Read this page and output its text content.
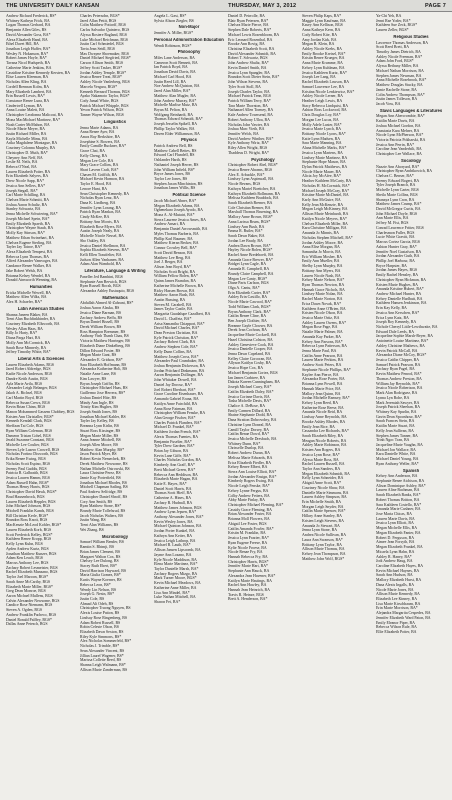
THE UNIVERSITY DAILY KANSAN	THURSDAY, MAY 3, 2012	PAGE 7
Andrew Richard Frederick, BS*
Whitney Kathryn Frick, BA
Logan Thomas Gerhard, BA
Benjamin Allen Giles, BS
David Alexander Goss, BA*
Alexa Elizabeth Hand, BA
Ethel Davet Hill, BA
Jonathan Leigh Huffer, BA*
Wesley N. Hokanson, BA*
Robert James Hoyle, BA*
Tavana Nicol Hudspeth, BA
Catherine Marie Jenkins, BA
Cassidine Kristine Kennedy Kersten, BA
Elise Lauren Kleeman, BA
Nicholas Allen Kling, BA
Cordell Brennan Kolm, BA
Mary Elizabeth Lambert, BA
Erin Russell Lewis, BA*
Constance Renee Luna, BA
Cindertrell Lyman, BA
Anna Louise Malett, BA
Christopher Leodonna Malicoat, BA
Mona MacMichael Martinez, BA*
Noah Carter McMahon, BA
Nicole Marie Meyer, BA
Justin Richard Miller, BA
Kayla Michelle Mims, BA
Arika Magdalene Montague, BA
Courtney Colonna Murphy, BA
Christopher D. Muth, BA*
Cheyney Ann Neff, BA
Leslie M. Neils, BA
Rebeca O'Neal, BA
Lauren Elizabeth Potter, BA
Erin Elizabeth Salyers, BA
Drew Nicole Sapp, BA*
Jessica Ann Sellers, BA*
Joseph Stegall, BA*
Carl Marie Schilling, BA
Chelsea Marie Schmitt, BA
Joshua Aaron Schultz, BA
Stanley Schwartz, BA
Jenna Michelle Schwiering, BA*
Joseph Michael Spein, BA*
Emily Elizabeth Spaeth, BA
Christopher Wayne Staub, BA
Molly Kay Stinson, BA*
Matthew Ethan Swinehart, BA
Chelsea Eugene Sterling, BA
Tayler Jay Tatroe, BA*
Alexa Elizabeth Tempest, BA
Rebecca Lynn Thomas, BA
Alfred Alexander Vamvoges, BA
Candance Renee Walker, BA
Jake Robert Welsh, BA
Brianna Kelsey Wendel, BA
Donald Ainsworth Wenning, BA
Humanities
Ericka Michelle Wewell, BA
Matthew Allen Wilks, BA
Alex H. Schaefer, BA*
Latin American Studies
Shanna Janeen Blaker, BA
Trent Alan Buchfinkbinder, BA
Courtney Elizabeth Ellsworth, BA
Wesley Allan Haas, BA
Billy Jo Harty, BA*
Diana Parga Hart, BA
Molly Ann McCormick, BA
Sarah Rose Minnerly, BA
Jeffrey Timothy White, BA*
Liberal Arts & Sciences
Lauren Elizabeth Adams, BGS
Jared Robert Aldredge, BGS
Kadie Nicole Anderson, BGS
Dandre Keith Austin, BGS
Ayla Marie Avila, BGS
Alexander Leigh Belanger, BGS
Jakob A. Bichsel, BGS
Carl Martin Boyd, BGS
Rebecca Susan Crews, BGS
Kevin Brian Chinn, BGS
Manon Mohammed Gassem Chobbey, BGS
Kristen Ann Christaller, BGS*
Kenneth Kendall Clark, BGS
Sheffaan Tai Cole, BGS
Ryan William Coleman, BGS
Dameon Tristan Cohel, BGS
Jerald Suzanne Constant, BGS
Michelle Lee Coulter, BGS
Steven Lyle Lusero Crowell, BGS
Nicholas Fortino Dixworth, BGS
Erika Renee Ewing, BGS
Nicholas Scott Espino, BGS
Jeremy Paul Gaddis, BGS
Patricia R. Galbraith, BGS
Jessica Lauren Hamm, BGS
Adam Russell Hahn, BGS*
Thomas Henry Harris, BGS
Christopher David Hawk, BGS*
Brad Hausenbrock, BGS
Lauren Elizabeth Heppler, BGS
John Michael Johnson, BGS
Mitchell Franklin Kands, BGS
Bill Christian Kerle, BGS*
Brandon Ross Knott, BGS
MacKenzie McLeod Kohler, BGS*
Lauren Elizabeth Korb, BGS
Scott Frederick Kelley, BGS*
Kathleen Renee Kropp, BGS
Kelly Lynn Kuhn, BGS
Ayden Andrew Kurtz, BGS
Jonathan Matthew Kunzer, BGS
Adam Ken Leach, BGS
Marcus Anthony Lee, BGS
Zachary Robert Lesmeister, BGS
Rachel Elizabeth Manzano, BGS
Taylor Joel Maroon, BGS*
Sarah Anne McCarthy, BGS
Elizabeth Marie Miller, BGS*
Greg Dean Monroe, BGS
Aaron Michael Mullens, BGS
Calvin Alexander Newsome, BGS
Candice Rose Niemann, BGS
Steven A. Ogden, BGS
Andrew Franklin Pacheco, BGS
Daniel Ronald Palffey, BGS*
Dallas Anne Petesch, BGS
Charles Petersohn, BGS*
Jared Allan Pettit, BGS
Colin Matthew Pottorff, BGS
Carlos Salvador Quintero, BGS
Alyssa Rosiere Ragland, BGS
Luke Michael Reichman, BGS
Justin Carl Schmiedel, BGS
Tavia Jean Seidl, BGS
Max Dwayne Shoemaker, BGS
Daniel Michael Siegfried, BGS*
Carson Allison Smith, BGS
Jeffrey Scott Tasker, BGS*
Jordan Ashley Temple, BGS*
Jessica Renee Treat, BGS*
Ashley Nicole Vanlerberg, BGS
Marcela Vergara, BGS*
Kenneth Bernard Thomas, BGS
Ayako Nakamoto Taylor, BGS*
Cody Jamal White, BGS
Patrick Michael Whipple, BGS
Yevon Patrick Wilson, BGS
Tanner Wayne Wilson, BGS
Linguistics
Jenna Marie Adams, BA
Anna Renee Ayer, BA
Amos Ray Berkshire, BA
Josephine S. Bowers, BA
Emily Camille Buckner, BA*
Grace Chai, BA
Kelly Cheng, BA
Megan Lee Cole, BA
Mary Grace Collins, BA
Shari Lavern Craft, BA*
Chasen M. Griffith, BA
Michael Kevin Harmon, BA
Taylor E. Hood, BA
Lenore Hunt, BA
Sean Christopher Kennedy, BA
Nicholas Ryan Lenz, BA
Dana K. Lindberg, BA
Jennifer Lynn Lorang, BA
Patrick Ryan Mankas, BA
Cindy McKee, BA
Brittany Ann Morris, BA
Elizabeth Rose Myers, BA
Austin Joseph Nealy, BA
Michelle Nicole Nessel, BA
Sho Oakley, BA
Jessica Daniel Shellmon, BA
Sophia Elizabeth Stevens, BA*
Kelli Ellen Trautfelter, BA
Judson Allen Vanhanen, BA
Adam Alan Wambold, BA
Literature, Language & Writing
Paneller Jed Bambini, BGS
Stephanie Ann Berwick, BGS
Ryan Russell Bocsh, BGS
Alexandra Ashley Eustaquio, BGS
Mathematics
Abdullah Ahmed Al-Zahrani, BS*
Joshua Aaron Alaska, BS
Jessica Diane Barman, BS
Zachary Andrew Beffa, BS
Bryan Daniel Bissell, BS
Derek William Brown, BS
Ross Hampton Bremmer, BS
Anthony Vinh Thanh Chau, BS
Victoria Matthew Harringer, BS
Elizabeth Diane Dinkelberg, BS
Dillon Edward Foster, BS
Megan Marie Gant, BS
Alexander E. Gridson, BS*
Sara Elizabeth Hoffmann, BS
Alexandra Katherine Holt, BS
Natalie Anne Lane, BS
Kim Lawyer, BS
Bryan Joseph Griffin, BS
Christopher Michael Haas, BS
Guillermo Jose Herrera, BS*
Joshua Daniel Hite, BS
Mindy Ann Ingle, BS
Trinity Kim Hughes, BS
Joseph Smith Jones, BS
Jonathan Michael Kahler, BS
Tayler Jay Kelley, BS
Breanna Lynn Kirlin, BS
Stuart Ross Kissinger, BS
Megan Marie Miller, BS
Anna Jeanne Mitchell, BS
Joseph Allen Moore, BS
Matthew Alan Murphy, BS*
Jason Patrick Myer, BS
Robert Kevin Nemechek, BS
Derek Matthew Newsome, BS
Nathan Michelle Ostrowski, BS
Laura Christine Perez, BS
Jamie Kay Porterfield, BS
Jonathan Michael Rhodes, BS
Mitchell Chapman Sailing, BS
Paul Andrew Selfridge, BS
Christopher Daniel Shroff, BS
Cory Ann Smith, BS
Ryan Matthew Stone, BS*
Brandy Marie Tollefsrud, BS
Jacob Nicholas Walters, BS
Justin Wang, BS
Trent Alan Williams, BS
Wei Zhang, BS
Microbiology
Samuel William Bender, BS
Ramtin S. Bhimji, BS
Brian James Clement, BS
Margaret Walton Cox, BS
Chelsey Lee Dulong, BS
Stacey Ruth Ebert, BS*
David Harrison Hayward, BS
Maria Giulia Gomez, BS*
Kurtis Wayne Koerner, BS
Rebecca Leon, BS*
Wendy Lin Nelson, BS
Joseph G. Nesin, BS*
Justin Cole, BS
Ahmad Ali Odeh, BS
Christopher Truong Nguyen, BS
Alexis Louise Patton, BS
Lindsay Rose Ringenberg, BS
Adam Robert Russell, BS
Robin Celeste Olson, BS
Elizabeth Dawn Sexton, BS
Riley Kyle Simmons, BS*
Alex Nicholas Sommerfeld, BS*
Nicholas J. Trimble, BS*
Sean Alexander Vincent, BS
Jillian Laurel Wagener, BS*
Marissa Collette Reed, BS
Shanna Leigh Walmann, BS*
Allison Marie Zanderman, BS
Angela L. Gast, BS*
Sylvia Alison Ziegler, BS
Non-Major
Jennifer A. Miller, BGS*
Personal Administration Education
Wendi Robinson, BGS*
Philosophy
Miles Lane Anderson, BA
Cameron Scott Bennett, BA
Ian Patrick Boyd, BA
Jonathan David Davis, BA
Michael Carl Hood, BA
Justin Reed Lill, BA
Noe Andrew McQuiston, BA
Jared Alan Miller, BA*
Matthew Alan Mugler, BA
John Andrew Murray, BA*
Michelle Marlise Mutz, BA
Bryan M. Pelton, BA
Wolfgang Reinhardt, BA
Thomas Edward Schmidt, BA*
Joseph Jesselin Spikell, BA
Phillip Taylor Walker, BA
Daven Elder Williamson, BA
Physics
Patrick Andrew Bell, BS
Matthew Cabell Bettes, BS
Edward Carl Flundell, BS
Oshlander Harth, BS
Nathaniel Joseph Herrer, BS
John William Infield, BS*
Bryce James Jones, BS
Taylor Lee Jones, BS
Stephen Jaxon Minchinton, BS
Jonathan James Willis, BS
Political Science
Jacob Michael Abner, BA*
Megan Elizabeth Adams, BA
Oghenekaro Joseph Ayodo, BA
Mona A. Al-Mutairi, BA*
Sierra Laurene Jessica Ames, BA
Andrew Ansari, BA
Benjamin Daniel Arrowsmith, BA
Myles Thomas Barberis, BA
Phillip Karl Baumer, BA
Matthew Kieran Becker, BA
Connor Crowley Bell, BA*
Scott David Benson, BA
Matthew Lee Berg, BA
Joel J. Berger, BA
Alison Jean Boyd, BA*
Nicholas Scott Bright, BA
William Fellow Bolen, BA*
Quinn James Brandon, BA
Katherine Michelle Brown, BA
Ricky Hassen Brown, BA
Matthew Aaron Bush, BA
Austin Bussing, BA
Steven M. Carabell, BA
James Taylor Castle, BA
Margarita Guadalupe Cazalbert, BA
David L. Chaffetz, BA*
Arisa Samantha Chiappori, BA*
David Michael Charles, BA*
Dean Preston Christian, BA
Kyle Patrick Christian, BA*
Zachary Robert Clark, BA
Andrew Stephen Cole, BA*
Kelly Dunn Collins, BA
Matthew Joseph Cross, BA*
Alexander Paul Crumbaker, BA
Joshua Benjamin Dickerson, BA
Jordan Pritchard Dinkmann, BA
Aaron Benjamin Dollinger, BA
John Whitaker Dowell, BA
Daniel Jay Dorosz, BA*
Joel Robert Eberhart, BA*
Grace Caroline Eisenhauer, BA
Armando Gabriel Erana, BA
Kaitlyn Anne Fairchild, BA
Anna Rose Fairman, BA
Christopher William Fenske, BA
Alan George Fischer, BA*
Charles Patrick Flanders, BA*
Michael D. Frankel, BA*
Kathleen Jordan French, BA*
Alexis Thomas Fuentes, BA
Benjamin Fuselier, BA*
Tyler Drew Gardner, BA*
Brian Jay Gibson, BA
Kevin Lane Giffe, BA*
Charles Nicholas Gordon, BA
Kimberly Ann Graff, BA*
Brett Michael Green, BA*
Rebecca Ann Heddison, BA
Elizabeth Marie Hagan, BA
Katie E. Hayes, BA*
Daniel Scott Harris, BA
Thomas Scott Hieff, BA
Catherine A. Hines, BA
Zachary R. Hudnall, BA
Matthew James Johnson, BGS
Andrew Lynn Jepsen, BA*
Anthony Alexander Jones, BA*
Kevin Wesley Jones, BA
Michael Quinton Johnson, BA
Jordan Porter Kunkel, BA
Kathryn Ann Keiter, BA
Jessica Leigh Lathrop, BA
Michael R. Lauth, BA*
Allison Jansen Lipscomb, BA
Jayme Ann Lozano, BA
Kyle Nicole Maddison, BA
Elena Marie Martinez, BA*
Taylor Danielle Marsh, BA*
Zachary Rogers Mizgo, BA
Mark Turner Moore, BGS*
Kevin Michael Meadows, BA
Katherine Anne Miller, BA
Lisa Ann Mindel, BA*
Luke Nathan Mitchell, BA
Sharon Fei, BA*
Daniel D. Peirrolle, BA
Blair Ryan Petersen, BA*
Chelsea Marie Pierce, BA
Stephen Dale Roberts, BA*
Michael Lewis Rosenbloom, BA
Eric Leonard Rosenthal, BA
Brooke Ann Rovig, BA
Christina Elizabeth Scott, BA
David Alexander Schmidt, BA
Robert T. Schwartz, BGS
John Andrew Shultz, BA*
Kevin Daniel Smith, BA
Jessica Lynn Spangler, BA
Brandon Scott Dieter Stein, BA*
John Wilson Stevens, BA
Tyler Scott Stoll, BA
Joseph Charles Taylor, BA
Michael Patrick Tenn, BGS
Patrick William Terry, BA*
Tara Marie Thornton, BA
Nathanael Allen Tormey, BA
Kale Andrew Townsend, BA
Robert Anthony Ulloa, BA
Nicholas John Vawter, BA
Joshua Marc Vieth, BA
Jennifer Welch, BA
David Andrew Winther, BA*
Kyle Anthony Wirtz, BA*
Riley Allen Wright, BGS
Thaddeus D. Wright, BA*
Psychology
Christopher Robert Abel, BGS*
Jessica Renee Abrams, BGS
Alex E. Arbuckle, BA*
Lindsey Lynn Aspinwall, BA
Nicole Bevans, BGS
Kathryn Mariel Boettcher, BA
Kathryn Elizabeth Bollmann, BA
Melissa Kathleen Braddock, BA
Sarah Elizabeth Bremer, BA
Cole Christian Bremer, BA
Marshall Thomas Bruening, BA
Mallory Anne Brown, BGS*
Anna Larissa Bruns, BGS*
Lindsey Ann Bush, BA
Emma R. Butler, BA*
Sarah Dawn Baker, BA
Jordan Lee Brady, BA
Andrea Dawn Brown, BA*
Hayley Nicole Bolen, BGS*
Rachel Anne Bredehoeft, BA
Amanda Grace Brewer, BA*
Bridget Lynn Cagle, BA
Amanda R. Campbell, BA
Brandy Claire Campbell, BA
Megan Lee Canty, BGS*
Diane Paris Carlson, BGS
Olga A. Cantu, BA*
Erin Elizabeth Carter, BA*
Ashley Erin Castillo, BA
Nicole Marie Cawood, BA*
Todd William Clark, BGS*
Bryan Anthony Clark, BA*
Caitlin Renee Cline, BA
Ben Joseph Clothier, BA
Breanne Gayle Clowser, BA
Derek Ivan Cochran, BA
Jacqueline Marie Cockrell, BA
Hazel Christina Colston, BA
Ashley Genevieve Cook, BA
Jessica Danielle Cooper, BA
Jenna Dawn Copeland, BA
Kelley Claire Corcoran, BA
Allyson Kaitlyn Cosby, BA
Jessica Hope Cox, BA
Michael Benjamin Cortez, BGS
Ian James Crabtree, BA
Dakota Kareen Cunningham, BA
Joseph Michael Curry, BA*
Caitlin Elizabeth Daley, BA*
Jessica Corinne Davis, BA
Tasha Michelle Davis, BA*
Chalice A. DeBose, BA
Emily Carmen Dillard, BA
Shaine Stephanie Dodd, BA
Dana Stratton Dobrovolny, BA
Christine Lynn Doneal, BA
Camill Taylor Dorsey, BA
Caitlin Renae Dowd, BA*
Jessica Michelle Dresbach, BA
Whitney Dunn, BA*
Chrisselle Dunlop, BA
Robert Andrew Duran, BA
Melissa Marie Edwards, BA
Erica Elizabeth Fiedler, BA
Kelsey Renee Elbert, BA
Sierra Ann Louise Elliott, BA*
Jordan Alexander Ensign, BA*
Kimberly Rogers Ewing, BA
Nicole Leigh Fenske, BA*
Kelsey Lynne Fergus, BA
Colby Andrew Fetters, BA
Abby Marie Finlay, BA
Christopher Michael Fleming, BA*
Cassidy Grace Fleming, BA
Brian Alexander Foster, BA
Brianna Moll Flowers, BA
Abigail Lee Foster, BGS
Caitlin Amanda Fowler, BA*
Kristin M. Franklin, BA
Jessica Lynn Frazier, BA*
Ryan Eugene Freese, BA
Kylie Nicole Froese, BA
Nicole Renae Fry, BA
Hannah Rebecca Fry, BA
Christopher Harris, BGS*
Jennifer Marie Hart, BA*
Stephanie Ann Hauck, BA
Alexandra Jean Havener, BA*
Kaitlyn Marie Hastings, BA
Rachel Ann Hawley, BA
Hannah Jean Heinrich, BA
Travis R. Heinze, BGS
Brett A. Henderson, BA*
Steven Philip Kaps, BA*
Maggie Lynn Kaufman, BA
Kasey Ann Kellison, BGS
Anna Kathryn Kern, BA
Cody Robert Kite, BA
Amy Jordan Kirk, BA
Megan B. Klein, BA
Ashley Nicole Krebs, BA
Emily Brooke Kreisel, BA*
Kristin Renee Krueger, BA
Anna Marie Krumme, BA
Kelsey Lynn Kuhlman, BA
Jessica Kathleen Kurtz, BA*
Joseph Lee Lang, BA
Rachel Elizabeth Lawson, BA
Samuel Lawrence Lee, BA
Kristina Nicole Lenkiewicz, BA*
Ashley Nicole Lerner, BA
Heather Leigh Lewis, BA
Stacy Rebecca Lindquist, BA
Ashton Ross Lockwood, BA
Chris Douglas Loy, BA*
Morgan Lee Lucas, BA
Molly Adele Luster, BA*
Jessica Marie Lynch, BA
Brittany Nicole Lyons, BA*
Katie Lynn Madsen, BA
Sara Marie Manning, BA
Alana Michelle Marks, BA*
Jessica Lynn Martens, BA
Lindsey Marie Martinez, BA
Stephanie Hope Mason, BA
Dylan Patrick Matthews, BA
Nicole Marie Mauer, BA
Alicia Joy McAfee, BA*
Heather Kathleen McCarty, BA
Nicholas H. McCormick, BA*
Michael Joseph McCray, BA*
Kristine Marie McDaniel, BA
Karly Ann McGuire, BA
Kelly Jean McKenzie, BA
Megan Leigh McKinney, BA
Allison Marie Meinhardt, BA
Kaitlyn Nicole Meyers, BA*
Chelsea Elizabeth Miller, BA
Kara Christine Milligan, BA
Amanda Jo Minnis, BA
Nicholas Stephen Mitchell, BA*
Jordan Ashley Moore, BA
Anna Elise Morgan, BA
Samantha Jo Morris, BA
Eric William Mosher, BA
Emily Ann Mueller, BA
Shelby Lynn Murphy, BA
Brittany Ann Myers, BA
Lauren Nicole Nash, BA
Kelsey Marie Nelson, BA*
Ryan Thomas Newton, BA
Hannah Grace Nichols, BA
Lindsey Marie Nolan, BA
Rachel Marie Norton, BA
Erica Dawn Novak, BA*
Kathleen Anne O'Brien, BA
Kristen Nicole Olson, BA
Jessica Marie Ortiz, BA
Ashley Lauren Owens, BA*
Megan Rose Page, BA
Natalie Marie Palmer, BA
Amanda Kay Parker, BA
Kelsey Ann Parsons, BA*
Rebecca Lynn Patterson, BA
Jenna Marie Paul, BA
Caitlin Anne Pearson, BA
Lauren Marie Perkins, BA
Andrew Scott Peters, BA
Stephanie Nicole Phillips, BA*
Kaylee Ann Pierce, BA
Alexandra Rose Porter, BA
Brianna Lynn Powell, BA
Hannah Marie Price, BA
Mallory Jean Quinn, BA
Jordan Michelle Ramsey, BA*
Kelsey Lynn Reed, BA
Katherine Rose Reese, BA
Amanda Nicole Reid, BA
Lindsay Anne Reynolds, BA
Brooke Ashley Rhodes, BA
Emily Jean Rice, BA
Cassandra Lee Richards, BA*
Sarah Elizabeth Riley, BA
Meagan Nicole Roberts, BA
Ashley Marie Robinson, BA
Kristen Ann Rogers, BA
Jessica Lynn Rose, BA*
Alyssa Marie Ross, BA
Rachel Lauren Russell, BA
Taylor Ann Sanders, BA
Megan Elizabeth Schmidt, BA
Kelly Lynn Schneider, BA
Abigail Anne Scott, BA*
Courtney Nicole Shaw, BA
Danielle Marie Simmons, BA
Lauren Ashley Simpson, BA
Erin Michelle Smith, BA
Morgan Leigh Snyder, BA
Caitlin Marie Spencer, BA*
Hillary Anne Stanley, BA
Kristen Leigh Stevens, BA
Amanda Jo Stewart, BA
Jenna Lynn Stone, BA
Andrea Nicole Sullivan, BA
Laura Ann Swanson, BA*
Brittany Lynn Taylor, BA
Allison Marie Thomas, BA
Kelsey Jean Thompson, BA
Matthew John Wolf, BGS*
Ya-Chi Yeh, BA
Jenni Rae Yoder, BA*
Kathleen Sue Zeck, BGS*
Lauren Zeller, BGS*
Religious Studies
Lawrence Thomas Anderson, BA
Scott Reed Brett, BA
Timothy James Dietrich, BA
Ashley Nicole Freeman, BA*
Adam John Ford, BGS*
Alyssa Bethany Miller, BA
Michael Nathan Morrison, BA
Stephen James Newman, BA
Anna Michelle Rosebrook, BA*
Matthew Douglas Stucky, BA
Jamie Rachelle Stone, BA
Colin Andrew Thompson, BA*
Justin James Tolleson, BA
Jacob Voss, BA
Slavic Languages & Literatures
Megan Ann Abercrombie, BA*
Kaitlin Marie Davis, BA
Joshua Michael Gordon, BA
Anastasia Kara Mehrer, BA
Nicole Lynn McPherson, BA*
Victoria Patricia Pokharski, BA
Jessica Ann Perrin, BA*
Caroline Jean Vanderbilt, BA
Christopher Lee Wallace, BA
Sociology
Nazzie Ann Aboryard, BA*
Christopher Ryan Andrikowich, BA
Chelsea C. Benser, BA*
Jeremy Edward Bogert, BA
Tyler Joseph Branch, BA
Michelle Lynn Carter, BGS
Sheila Marie Collins, BGS
Shanaya Lynn Cron, BA
Matthew James Crump, BA*
David McGregor Curtis, BA
John Michael Doyle, BGS
Ann Marie Ellis, BA
Jeffrey M. Fist, BGS
Conrad Lawrence Fritter, BGS
Charlesmon Fuller, BGS
Lucie White Gravitt, BA
Marcus Cortez Garcia, BGS
Ashton Hunter Gray, BA*
Jennifer Noel Gustafson, BA
Jordan Alexander Guth, BA
Phillip Joel Harbour, BA
Bryce Harpster, BA
Jordan James Hayes, BGS
Emily Rachel Hensley, BA
Christopher Ryan Hickman, BA
Kristen Marie Hughes, BA
Amanda Kristine Hubert, BA*
Andrew Michael Hunter, BA
Kelsey Danielle Hurlbutt, BA
Kathleen Hansen Jenkinson, BA
Erin Kay Kelly, BA
Jessica Ann Kerschen, BA*
Erica Lynn Katz, BA
Joseph Roy Kennedy, BA
Nichole Cherryl Little-Lewthwaite, BA
Edward Dale Leeds, BA
Jacqueline Sophie Marsh-Beyer, BA
Antoinette Louise Martinez, BA*
Ashley Christine Mathews, BA
Kevin Patrick McCall, BA
Alexandra Diane McCoy, BGS*
Jessica Caitlin Chipper, BA
Samuel Patrick Pearson, BA
Zachary Ryan Pagel, BA
Kevin Matthew Penrod, BA*
Thomas Andrew Preston, BA
William Jay Reynolds, BA*
Jessica Nicole Robertson, BA
Mark Alan Rodriguez, BA
Lynna Lyn Rohe, BA
Mark Jeremiah Sawyer, BA
Joseph Patrick Sheehan, BA
Whitney Kay Sparlin, BA
Gavin Dean Spoonhour, BA*
Sarah Frances Stein, BA
Kaitlin Marie Stuart, BA
Kelly Jean Sullivan, BA
Stephen James Tanner, BA
Trinh Ngoc Tran, BA
Jacqueline Marie Vaughn, BA
Michael Jon Wallace, BA
Kara Danielle White, BA
Michael Daniel Young, BA
Ryan Anthony Weller, BA*
Spanish
Kelsey Ann Anderson, BA
Stephanie Renee Atchison, BA
Alison Dominique Ashley, BA*
Lauren Aline Bachman, BA
Sarah Elizabeth Banks, BA*
Robert Thomas Britton, BA
Sara Kathleen Costello, BA*
Amanda Marie Cushner, BA
Jose Maria Chicas, BA
Lauren Marie Davis, BA
Jessica Lynn Elliott, BA
Megan Michelle Ellis, BA
Megan Elizabeth Fanter, BA
Robert D. Ferguson, BA
Aimee Jean Forsyth, BA
Megan Elizabeth Frankel, BA
Micaela Lynn Hahn, BA
Ashley R. Haney, BA*
Jodi Andrew Haug, BA
Caroline Elizabeth Hayes, BA
Kevin Michael Haynes, BA
Sarah Ann Hudson, BA
Mallory Elizabeth Hurst, BA
Dana Alexis Ingalls, BA
Nicole Marie Jones, BA
Allison Marie Kennedy, BA
Elizabeth Lee Kinney, BA
Lisa Marie Kirschbaum, BA
Erin Marie Morrison, BA*
Alejandra Margarita Cespedes, BA
Jennifer Elizabeth Ward Paton, BA
Emily Eleanor Piper, BA
Rebecca Wilson Rule, BA
Ellie Elizabeth Potter, BA
